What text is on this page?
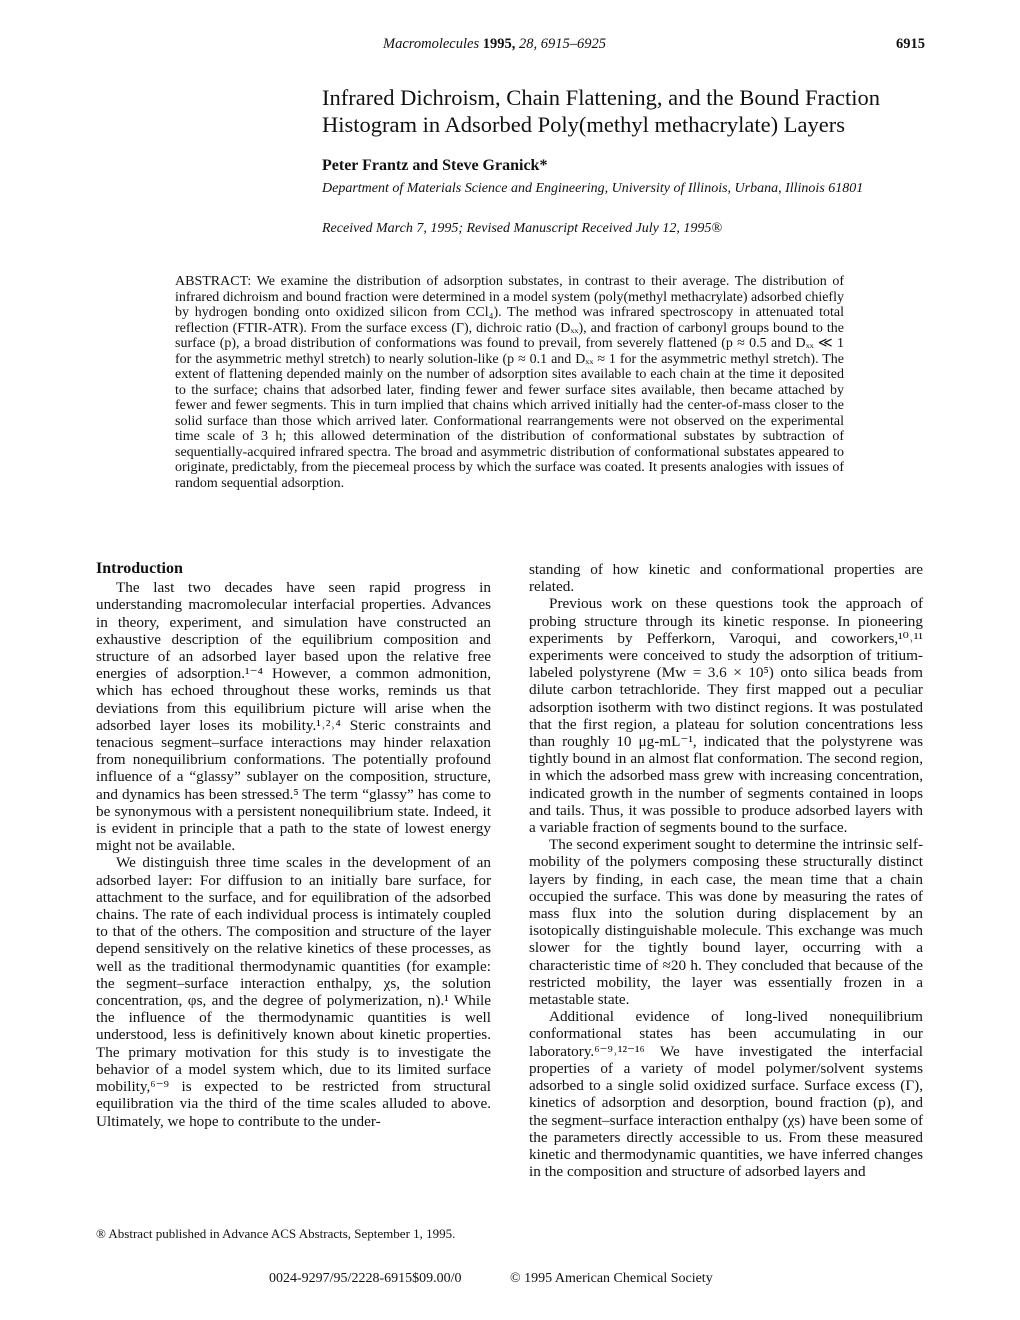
Macromolecules 1995, 28, 6915–6925	6915
Infrared Dichroism, Chain Flattening, and the Bound Fraction Histogram in Adsorbed Poly(methyl methacrylate) Layers
Peter Frantz and Steve Granick*
Department of Materials Science and Engineering, University of Illinois, Urbana, Illinois 61801
Received March 7, 1995; Revised Manuscript Received July 12, 1995®

ABSTRACT: We examine the distribution of adsorption substates, in contrast to their average. The distribution of infrared dichroism and bound fraction were determined in a model system (poly(methyl methacrylate) adsorbed chiefly by hydrogen bonding onto oxidized silicon from CCl₄). The method was infrared spectroscopy in attenuated total reflection (FTIR-ATR). From the surface excess (Γ), dichroic ratio (Dₓₓ), and fraction of carbonyl groups bound to the surface (p), a broad distribution of conformations was found to prevail, from severely flattened (p ≈ 0.5 and Dₓₓ ≪ 1 for the asymmetric methyl stretch) to nearly solution-like (p ≈ 0.1 and Dₓₓ ≈ 1 for the asymmetric methyl stretch). The extent of flattening depended mainly on the number of adsorption sites available to each chain at the time it deposited to the surface; chains that adsorbed later, finding fewer and fewer surface sites available, then became attached by fewer and fewer segments. This in turn implied that chains which arrived initially had the center-of-mass closer to the solid surface than those which arrived later. Conformational rearrangements were not observed on the experimental time scale of 3 h; this allowed determination of the distribution of conformational substates by subtraction of sequentially-acquired infrared spectra. The broad and asymmetric distribution of conformational substates appeared to originate, predictably, from the piecemeal process by which the surface was coated. It presents analogies with issues of random sequential adsorption.

Introduction

The last two decades have seen rapid progress in understanding macromolecular interfacial properties. Advances in theory, experiment, and simulation have constructed an exhaustive description of the equilibrium composition and structure of an adsorbed layer based upon the relative free energies of adsorption.¹⁻⁴ However, a common admonition, which has echoed throughout these works, reminds us that deviations from this equilibrium picture will arise when the adsorbed layer loses its mobility.¹˒²˒⁴ Steric constraints and tenacious segment–surface interactions may hinder relaxation from nonequilibrium conformations. The potentially profound influence of a “glassy” sublayer on the composition, structure, and dynamics has been stressed.⁵ The term “glassy” has come to be synonymous with a persistent nonequilibrium state. Indeed, it is evident in principle that a path to the state of lowest energy might not be available.

We distinguish three time scales in the development of an adsorbed layer: For diffusion to an initially bare surface, for attachment to the surface, and for equilibration of the adsorbed chains. The rate of each individual process is intimately coupled to that of the others. The composition and structure of the layer depend sensitively on the relative kinetics of these processes, as well as the traditional thermodynamic quantities (for example: the segment–surface interaction enthalpy, χs, the solution concentration, φs, and the degree of polymerization, n).¹ While the influence of the thermodynamic quantities is well understood, less is definitively known about kinetic properties. The primary motivation for this study is to investigate the behavior of a model system which, due to its limited surface mobility,⁶⁻⁹ is expected to be restricted from structural equilibration via the third of the time scales alluded to above. Ultimately, we hope to contribute to the under-

standing of how kinetic and conformational properties are related.

Previous work on these questions took the approach of probing structure through its kinetic response. In pioneering experiments by Pefferkorn, Varoqui, and coworkers,¹⁰˒¹¹ experiments were conceived to study the adsorption of tritium-labeled polystyrene (Mw = 3.6 × 10⁵) onto silica beads from dilute carbon tetrachloride. They first mapped out a peculiar adsorption isotherm with two distinct regions. It was postulated that the first region, a plateau for solution concentrations less than roughly 10 μg-mL⁻¹, indicated that the polystyrene was tightly bound in an almost flat conformation. The second region, in which the adsorbed mass grew with increasing concentration, indicated growth in the number of segments contained in loops and tails. Thus, it was possible to produce adsorbed layers with a variable fraction of segments bound to the surface.

The second experiment sought to determine the intrinsic self-mobility of the polymers composing these structurally distinct layers by finding, in each case, the mean time that a chain occupied the surface. This was done by measuring the rates of mass flux into the solution during displacement by an isotopically distinguishable molecule. This exchange was much slower for the tightly bound layer, occurring with a characteristic time of ≈20 h. They concluded that because of the restricted mobility, the layer was essentially frozen in a metastable state.

Additional evidence of long-lived nonequilibrium conformational states has been accumulating in our laboratory.⁶⁻⁹˒¹²⁻¹⁶ We have investigated the interfacial properties of a variety of model polymer/solvent systems adsorbed to a single solid oxidized surface. Surface excess (Γ), kinetics of adsorption and desorption, bound fraction (p), and the segment–surface interaction enthalpy (χs) have been some of the parameters directly accessible to us. From these measured kinetic and thermodynamic quantities, we have inferred changes in the composition and structure of adsorbed layers and

® Abstract published in Advance ACS Abstracts, September 1, 1995.
0024-9297/95/2228-6915$09.00/0	© 1995 American Chemical Society
